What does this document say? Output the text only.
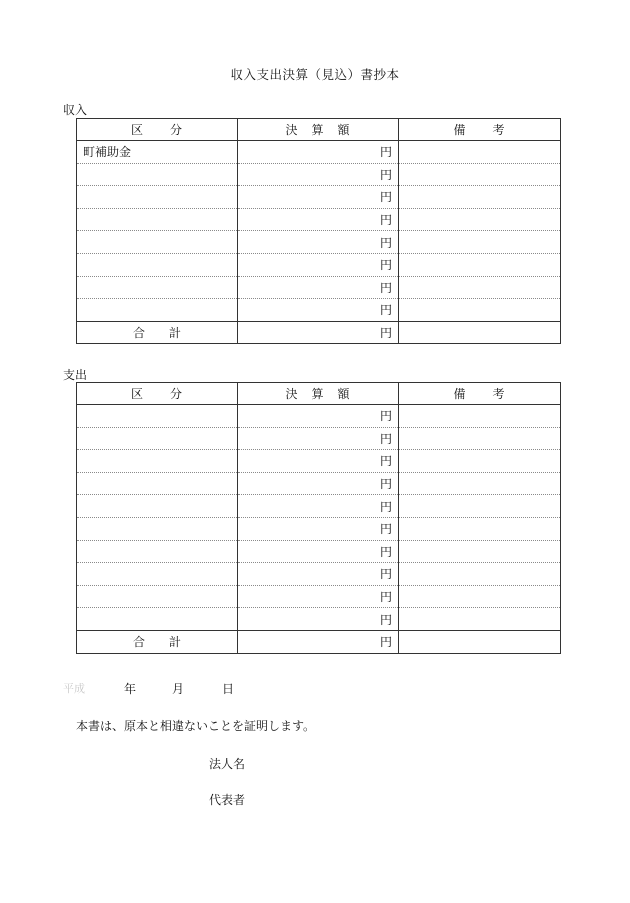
収入支出決算（見込）書抄本
収入
区　　分	決　算　額	備　　考
町補助金	円	
	円	
	円	
	円	
	円	
	円	
	円	
	円	
合　　計	円	
支出
区　　分	決　算　額	備　　考
	円	
	円	
	円	
	円	
	円	
	円	
	円	
	円	
	円	
	円	
合　　計	円	
平成	年	月	日
本書は、原本と相違ないことを証明します。
法人名
代表者
